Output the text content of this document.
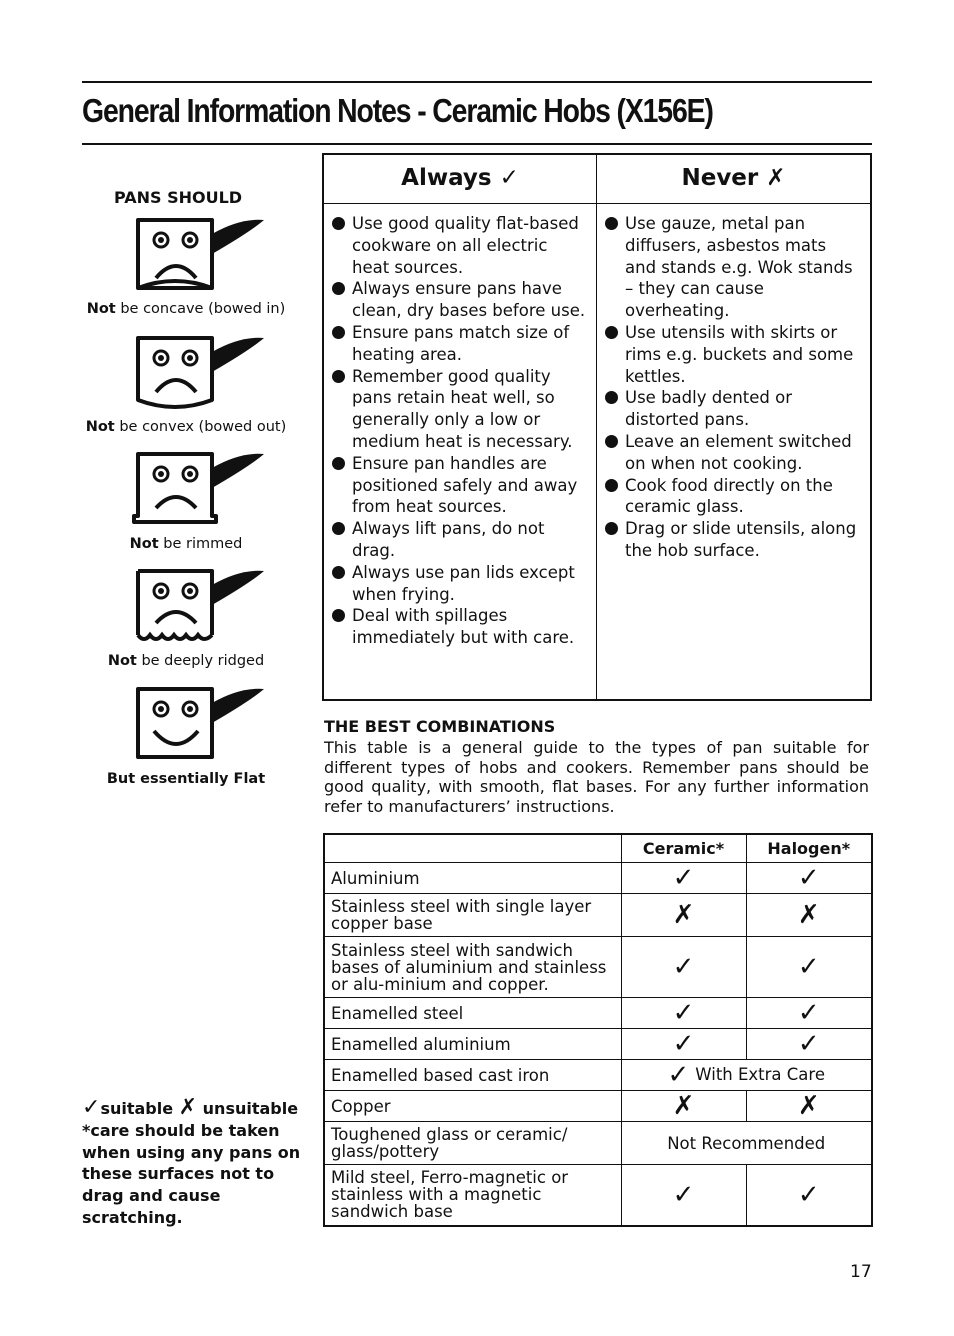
General Information Notes - Ceramic Hobs (X156E)
PANS SHOULD
Not be concave (bowed in)
Not be convex (bowed out)
Not be rimmed
Not be deeply ridged
But essentially Flat
Always ✓
Use good quality flat-based cookware on all electric heat sources.
Always ensure pans have clean, dry bases before use.
Ensure pans match size of heating area.
Remember good quality pans retain heat well, so generally only a low or medium heat is necessary.
Ensure pan handles are positioned safely and away from heat sources.
Always lift pans, do not drag.
Always use pan lids except when frying.
Deal with spillages immediately but with care.
Never ✗
Use gauze, metal pan diffusers, asbestos mats and stands e.g. Wok stands – they can cause overheating.
Use utensils with skirts or rims e.g. buckets and some kettles.
Use badly dented or distorted pans.
Leave an element switched on when not cooking.
Cook food directly on the ceramic glass.
Drag or slide utensils, along the hob surface.
THE BEST COMBINATIONS

This table is a general guide to the types of pan suitable for different types of hobs and cookers. Remember pans should be good quality, with smooth, flat bases. For any further information refer to manufacturers’ instructions.

	Ceramic*	Halogen*
Aluminium	✓	✓
Stainless steel with single layer copper base	✗	✗
Stainless steel with sandwich bases of aluminium and stainless or alu-minium and copper.	✓	✓
Enamelled steel	✓	✓
Enamelled aluminium	✓	✓
Enamelled based cast iron	✓ With Extra Care	
Copper	✗	✗
Toughened glass or ceramic/ glass/pottery	Not Recommended	
Mild steel, Ferro-magnetic or stainless with a magnetic sandwich base	✓	✓
✓suitable ✗ unsuitable
*care should be taken when using any pans on these surfaces not to drag and cause scratching.
17
